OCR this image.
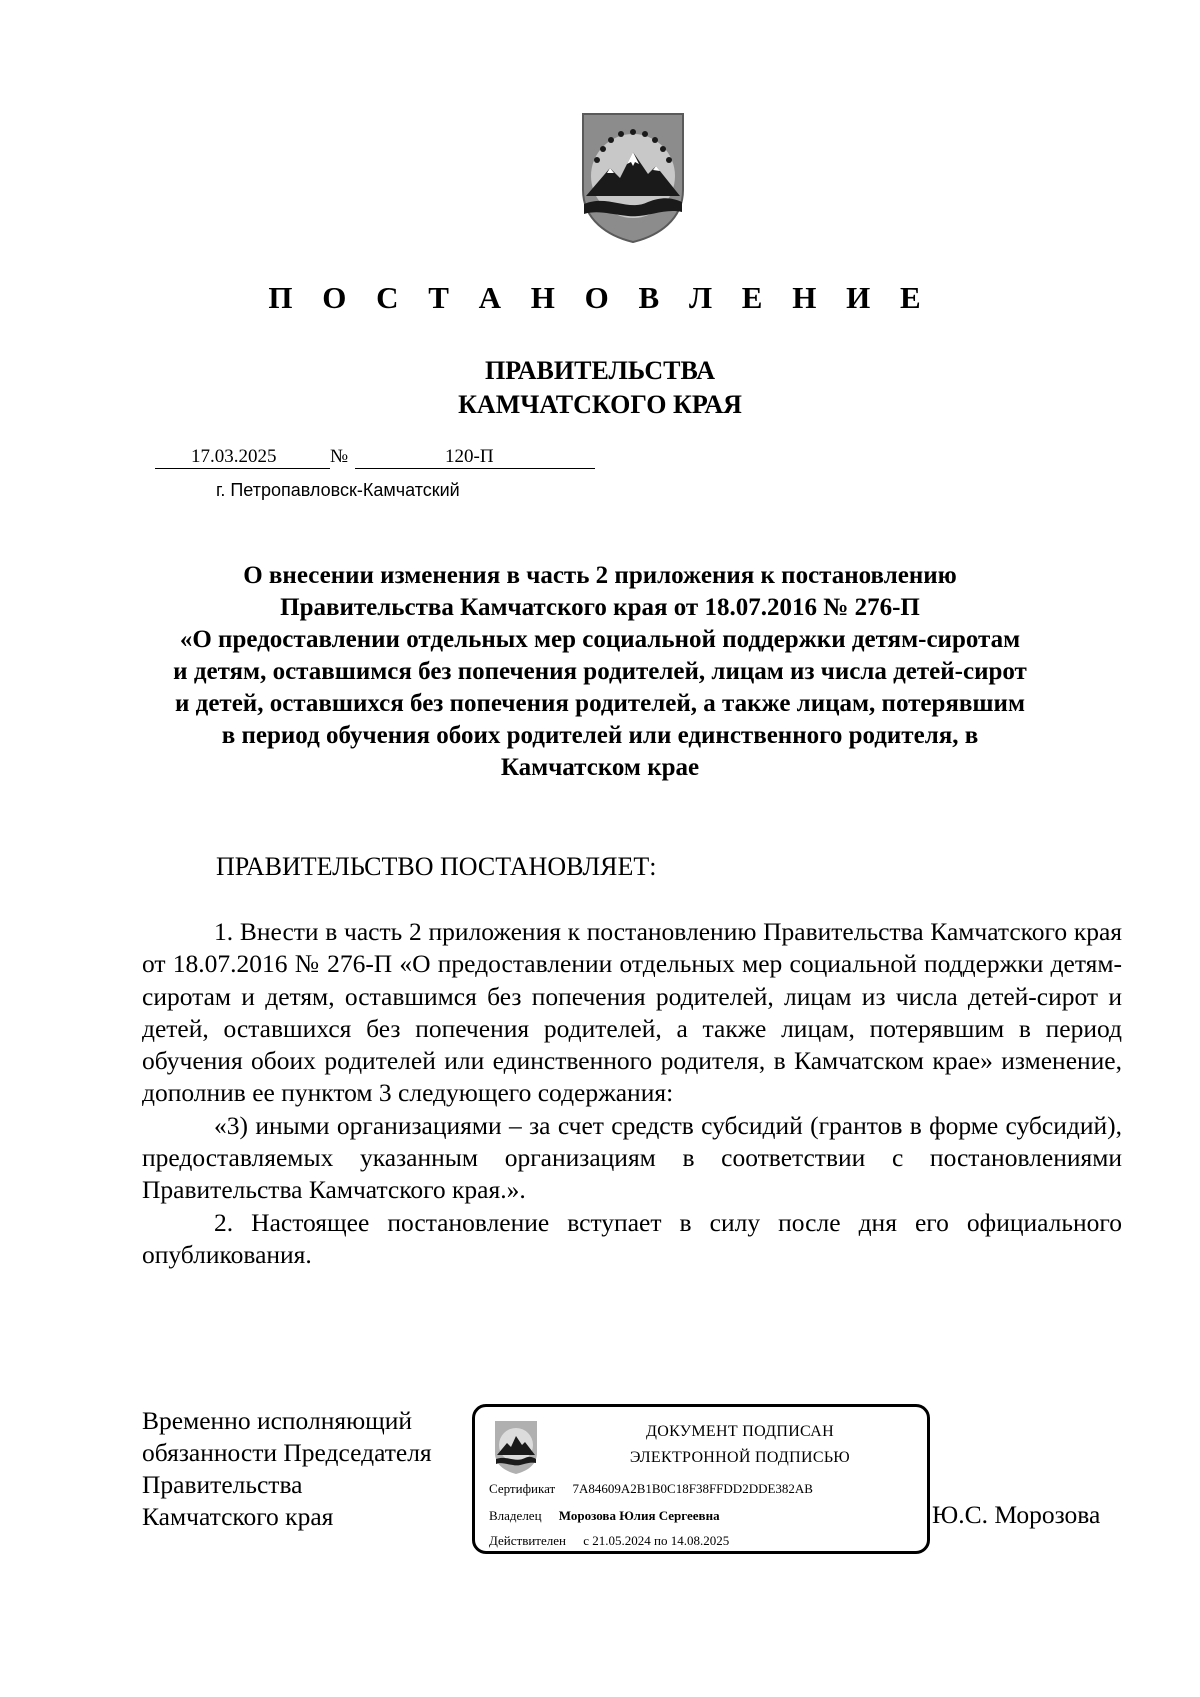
П О С Т А Н О В Л Е Н И Е
ПРАВИТЕЛЬСТВА
КАМЧАТСКОГО КРАЯ
17.03.2025	№	120-П
г. Петропавловск-Камчатский
О внесении изменения в часть 2 приложения к постановлению
Правительства Камчатского края от 18.07.2016 № 276-П
«О предоставлении отдельных мер социальной поддержки детям-сиротам
и детям, оставшимся без попечения родителей, лицам из числа детей-сирот
и детей, оставшихся без попечения родителей, а также лицам, потерявшим
в период обучения обоих родителей или единственного родителя, в
Камчатском крае
ПРАВИТЕЛЬСТВО ПОСТАНОВЛЯЕТ:

1. Внести в часть 2 приложения к постановлению Правительства Камчатского края от 18.07.2016 № 276-П «О предоставлении отдельных мер социальной поддержки детям-сиротам и детям, оставшимся без попечения родителей, лицам из числа детей-сирот и детей, оставшихся без попечения родителей, а также лицам, потерявшим в период обучения обоих родителей или единственного родителя, в Камчатском крае» изменение, дополнив ее пунктом 3 следующего содержания:

«3) иными организациями – за счет средств субсидий (грантов в форме субсидий), предоставляемых указанным организациям в соответствии с постановлениями Правительства Камчатского края.».

2. Настоящее постановление вступает в силу после дня его официального опубликования.

Временно исполняющий
обязанности Председателя
Правительства
Камчатского края
ДОКУМЕНТ ПОДПИСАН
ЭЛЕКТРОННОЙ ПОДПИСЬЮ
Сертификат 7A84609A2B1B0C18F38FFDD2DDE382AB
Владелец Морозова Юлия Сергеевна
Действителен с 21.05.2024 по 14.08.2025
Ю.С. Морозова
